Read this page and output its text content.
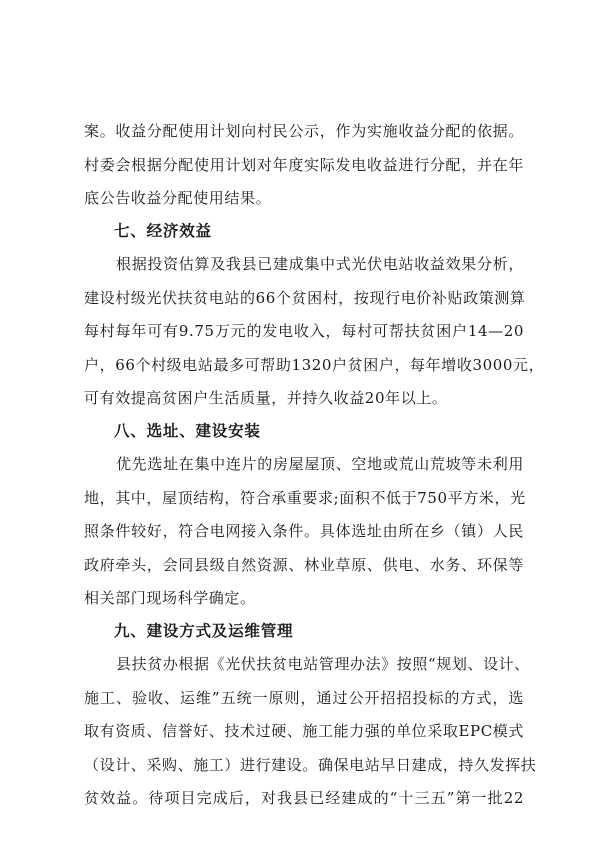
案。收益分配使用计划向村民公示，作为实施收益分配的依据。
村委会根据分配使用计划对年度实际发电收益进行分配，并在年
底公告收益分配使用结果。
七、经济效益
根据投资估算及我县已建成集中式光伏电站收益效果分析，
建设村级光伏扶贫电站的66个贫困村，按现行电价补贴政策测算
每村每年可有9.75万元的发电收入，每村可帮扶贫困户14—20
户，66个村级电站最多可帮助1320户贫困户，每年增收3000元，
可有效提高贫困户生活质量，并持久收益20年以上。
八、选址、建设安装
优先选址在集中连片的房屋屋顶、空地或荒山荒坡等未利用
地，其中，屋顶结构，符合承重要求;面积不低于750平方米，光
照条件较好，符合电网接入条件。具体选址由所在乡（镇）人民
政府牵头，会同县级自然资源、林业草原、供电、水务、环保等
相关部门现场科学确定。
九、建设方式及运维管理
县扶贫办根据《光伏扶贫电站管理办法》按照“规划、设计、
施工、验收、运维”五统一原则，通过公开招招投标的方式，选
取有资质、信誉好、技术过硬、施工能力强的单位采取EPC模式
（设计、采购、施工）进行建设。确保电站早日建成，持久发挥扶
贫效益。待项目完成后，对我县已经建成的“十三五”第一批22
